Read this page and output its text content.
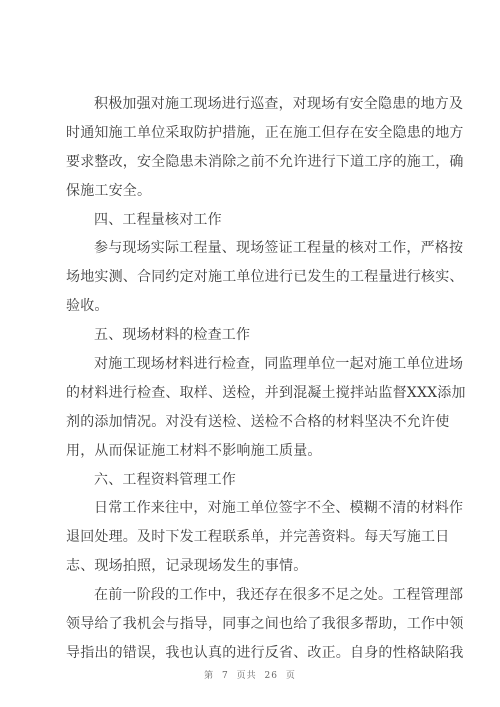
积极加强对施工现场进行巡查，对现场有安全隐患的地方及
时通知施工单位采取防护措施，正在施工但存在安全隐患的地方
要求整改，安全隐患未消除之前不允许进行下道工序的施工，确
保施工安全。
四、工程量核对工作
参与现场实际工程量、现场签证工程量的核对工作，严格按
场地实测、合同约定对施工单位进行已发生的工程量进行核实、
验收。
五、现场材料的检查工作
对施工现场材料进行检查，同监理单位一起对施工单位进场
的材料进行检查、取样、送检，并到混凝土搅拌站监督XXX添加
剂的添加情况。对没有送检、送检不合格的材料坚决不允许使
用，从而保证施工材料不影响施工质量。
六、工程资料管理工作
日常工作来往中，对施工单位签字不全、模糊不清的材料作
退回处理。及时下发工程联系单，并完善资料。每天写施工日
志、现场拍照，记录现场发生的事情。
在前一阶段的工作中，我还存在很多不足之处。工程管理部
领导给了我机会与指导，同事之间也给了我很多帮助，工作中领
导指出的错误，我也认真的进行反省、改正。自身的性格缺陷我
第 7 页共 26 页
